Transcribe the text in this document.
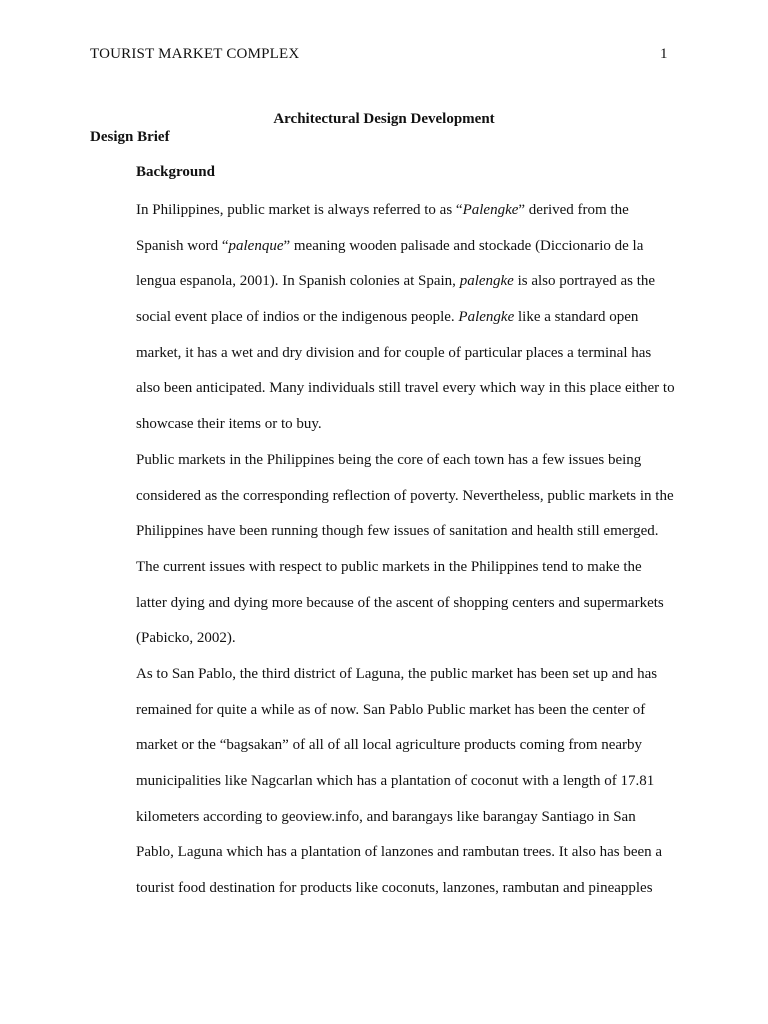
TOURIST MARKET COMPLEX	1
Architectural Design Development
Design Brief
Background
In Philippines, public market is always referred to as “Palengke” derived from the
Spanish word “palenque” meaning wooden palisade and stockade (Diccionario de la
lengua espanola, 2001). In Spanish colonies at Spain, palengke is also portrayed as the
social event place of indios or the indigenous people. Palengke like a standard open
market, it has a wet and dry division and for couple of particular places a terminal has
also been anticipated. Many individuals still travel every which way in this place either to
showcase their items or to buy.
Public markets in the Philippines being the core of each town has a few issues being
considered as the corresponding reflection of poverty. Nevertheless, public markets in the
Philippines have been running though few issues of sanitation and health still emerged.
The current issues with respect to public markets in the Philippines tend to make the
latter dying and dying more because of the ascent of shopping centers and supermarkets
(Pabicko, 2002).
As to San Pablo, the third district of Laguna, the public market has been set up and has
remained for quite a while as of now. San Pablo Public market has been the center of
market or the “bagsakan” of all of all local agriculture products coming from nearby
municipalities like Nagcarlan which has a plantation of coconut with a length of 17.81
kilometers according to geoview.info, and barangays like barangay Santiago in San
Pablo, Laguna which has a plantation of lanzones and rambutan trees. It also has been a
tourist food destination for products like coconuts, lanzones, rambutan and pineapples
